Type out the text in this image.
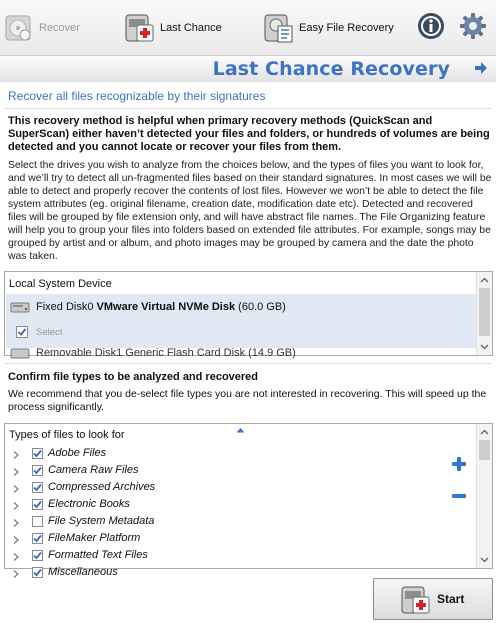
Recover	Last Chance	Easy File Recovery
Last Chance Recovery
Recover all files recognizable by their signatures
This recovery method is helpful when primary recovery methods (QuickScan and SuperScan) either haven’t detected your files and folders, or hundreds of volumes are being detected and you cannot locate or recover your files from them.
Select the drives you wish to analyze from the choices below, and the types of files you want to look for, and we’ll try to detect all un-fragmented files based on their standard signatures. In most cases we will be able to detect and properly recover the contents of lost files. However we won’t be able to detect the file system attributes (eg. original filename, creation date, modification date etc). Detected and recovered files will be grouped by file extension only, and will have abstract file names. The File Organizing feature will help you to group your files into folders based on extended file attributes. For example, songs may be grouped by artist and or album, and photo images may be grouped by camera and the date the photo was taken.
Local System Device
Fixed Disk0 VMware Virtual NVMe Disk (60.0 GB)
Select
Removable Disk1 Generic Flash Card Disk (14.9 GB)
Confirm file types to be analyzed and recovered
We recommend that you de-select file types you are not interested in recovering. This will speed up the process significantly.
Types of files to look for
Adobe Files
Camera Raw Files
Compressed Archives
Electronic Books
File System Metadata
FileMaker Platform
Formatted Text Files
Miscellaneous
Start
